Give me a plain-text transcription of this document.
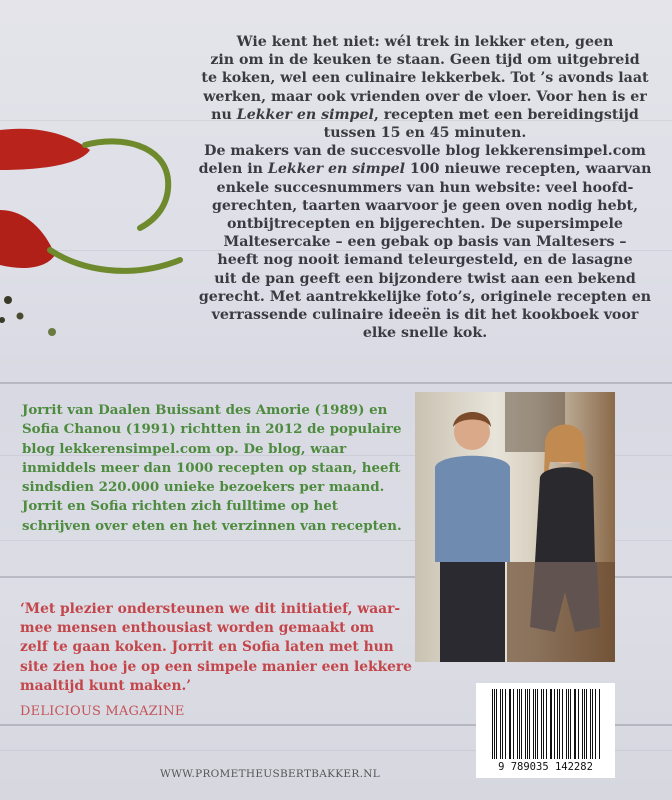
Wie kent het niet: wél trek in lekker eten, geen
zin om in de keuken te staan. Geen tijd om uitgebreid
te koken, wel een culinaire lekkerbek. Tot ’s avonds laat
werken, maar ook vrienden over de vloer. Voor hen is er
nu Lekker en simpel, recepten met een bereidingstijd
tussen 15 en 45 minuten.
De makers van de succesvolle blog lekkerensimpel.com
delen in Lekker en simpel 100 nieuwe recepten, waarvan
enkele succesnummers van hun website: veel hoofd-
gerechten, taarten waarvoor je geen oven nodig hebt,
ontbijtrecepten en bijgerechten. De supersimpele
Maltesercake – een gebak op basis van Maltesers –
heeft nog nooit iemand teleurgesteld, en de lasagne
uit de pan geeft een bijzondere twist aan een bekend
gerecht. Met aantrekkelijke foto’s, originele recepten en
verrassende culinaire ideeën is dit het kookboek voor
elke snelle kok.
Jorrit van Daalen Buissant des Amorie (1989) en
Sofia Chanou (1991) richtten in 2012 de populaire
blog lekkerensimpel.com op. De blog, waar
inmiddels meer dan 1000 recepten op staan, heeft
sindsdien 220.000 unieke bezoekers per maand.
Jorrit en Sofia richten zich fulltime op het
schrijven over eten en het verzinnen van recepten.
‘Met plezier ondersteunen we dit initiatief, waar-
mee mensen enthousiast worden gemaakt om
zelf te gaan koken. Jorrit en Sofia laten met hun
site zien hoe je op een simpele manier een lekkere
maaltijd kunt maken.’
DELICIOUS MAGAZINE
9 789035 142282
WWW.PROMETHEUSBERTBAKKER.NL
